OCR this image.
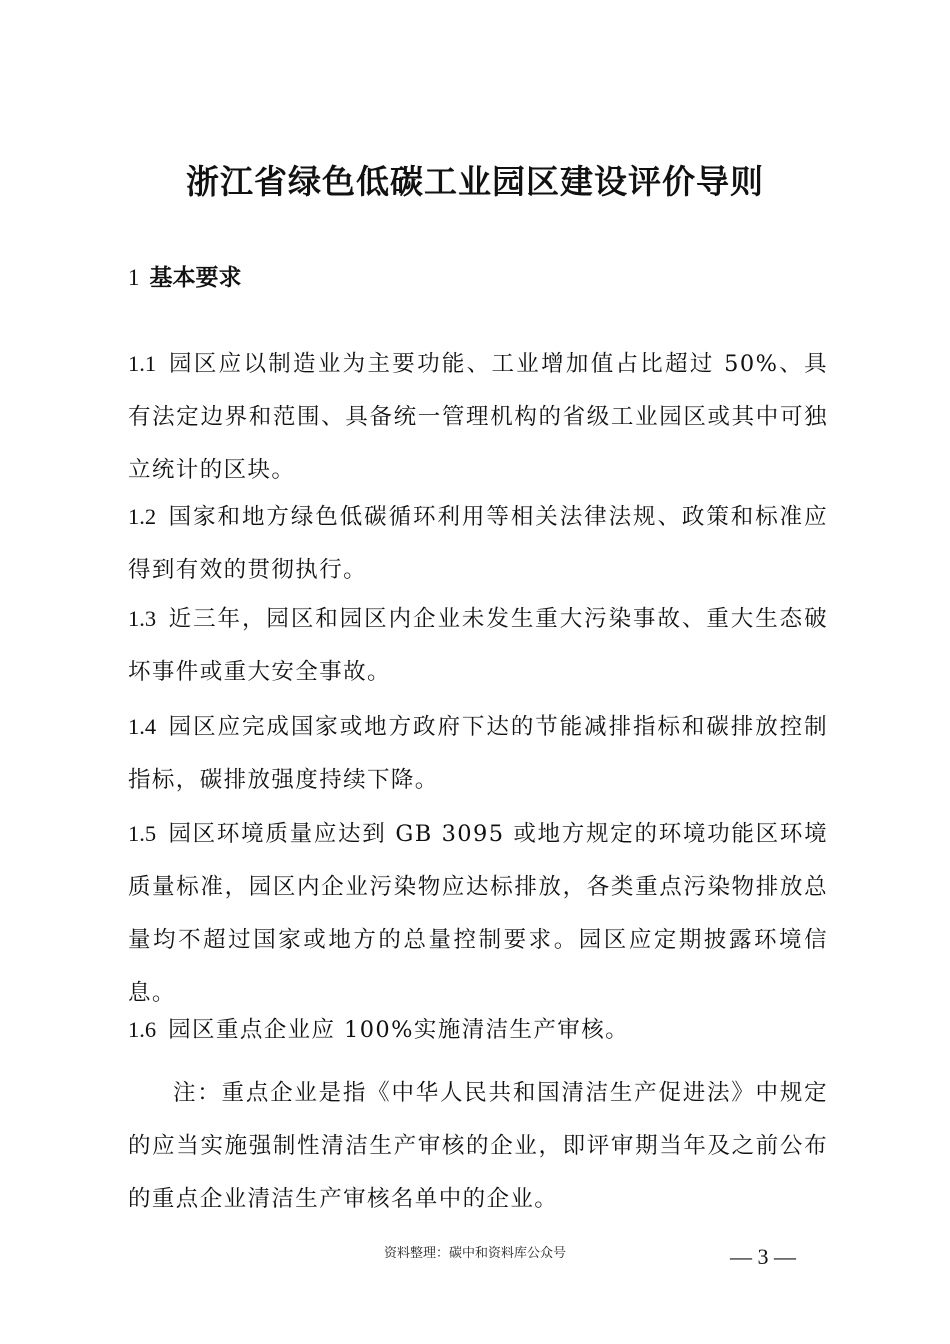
浙江省绿色低碳工业园区建设评价导则
1 基本要求

1.1 园区应以制造业为主要功能、工业增加值占比超过 50%、具有法定边界和范围、具备统一管理机构的省级工业园区或其中可独立统计的区块。

1.2 国家和地方绿色低碳循环利用等相关法律法规、政策和标准应得到有效的贯彻执行。

1.3 近三年，园区和园区内企业未发生重大污染事故、重大生态破坏事件或重大安全事故。

1.4 园区应完成国家或地方政府下达的节能减排指标和碳排放控制指标，碳排放强度持续下降。

1.5 园区环境质量应达到 GB 3095 或地方规定的环境功能区环境质量标准，园区内企业污染物应达标排放，各类重点污染物排放总量均不超过国家或地方的总量控制要求。园区应定期披露环境信息。

1.6 园区重点企业应 100%实施清洁生产审核。

注：重点企业是指《中华人民共和国清洁生产促进法》中规定的应当实施强制性清洁生产审核的企业，即评审期当年及之前公布的重点企业清洁生产审核名单中的企业。

资料整理：碳中和资料库公众号	— 3 —
